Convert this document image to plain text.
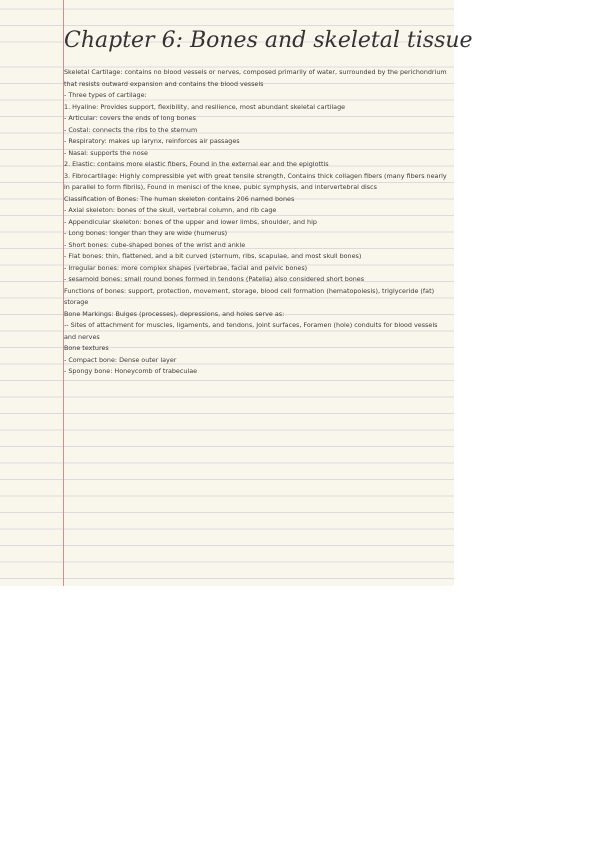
Chapter 6: Bones and skeletal tissue
Skeletal Cartilage: contains no blood vessels or nerves, composed primarily of water, surrounded by the perichondrium
that resists outward expansion and contains the blood vessels
- Three types of cartilage:
1. Hyaline: Provides support, flexibility, and resilience, most abundant skeletal cartilage
- Articular: covers the ends of long bones
- Costal: connects the ribs to the sternum
- Respiratory: makes up larynx, reinforces air passages
- Nasal: supports the nose
2. Elastic: contains more elastic fibers, Found in the external ear and the epiglottis
3. Fibrocartilage: Highly compressible yet with great tensile strength, Contains thick collagen fibers (many fibers nearly
in parallel to form fibrils), Found in menisci of the knee, pubic symphysis, and intervertebral discs
Classification of Bones: The human skeleton contains 206 named bones
- Axial skeleton: bones of the skull, vertebral column, and rib cage
- Appendicular skeleton: bones of the upper and lower limbs, shoulder, and hip
- Long bones: longer than they are wide (humerus)
- Short bones: cube-shaped bones of the wrist and ankle
- Flat bones: thin, flattened, and a bit curved (sternum, ribs, scapulae, and most skull bones)
- Irregular bones: more complex shapes (vertebrae, facial and pelvic bones)
- sesamoid bones: small round bones formed in tendons (Patella) also considered short bones
Functions of bones: support, protection, movement, storage, blood cell formation (hematopoiesis), triglyceride (fat)
storage
Bone Markings: Bulges (processes), depressions, and holes serve as:
-- Sites of attachment for muscles, ligaments, and tendons, Joint surfaces, Foramen (hole) conduits for blood vessels
and nerves
Bone textures
- Compact bone: Dense outer layer
- Spongy bone: Honeycomb of trabeculae
